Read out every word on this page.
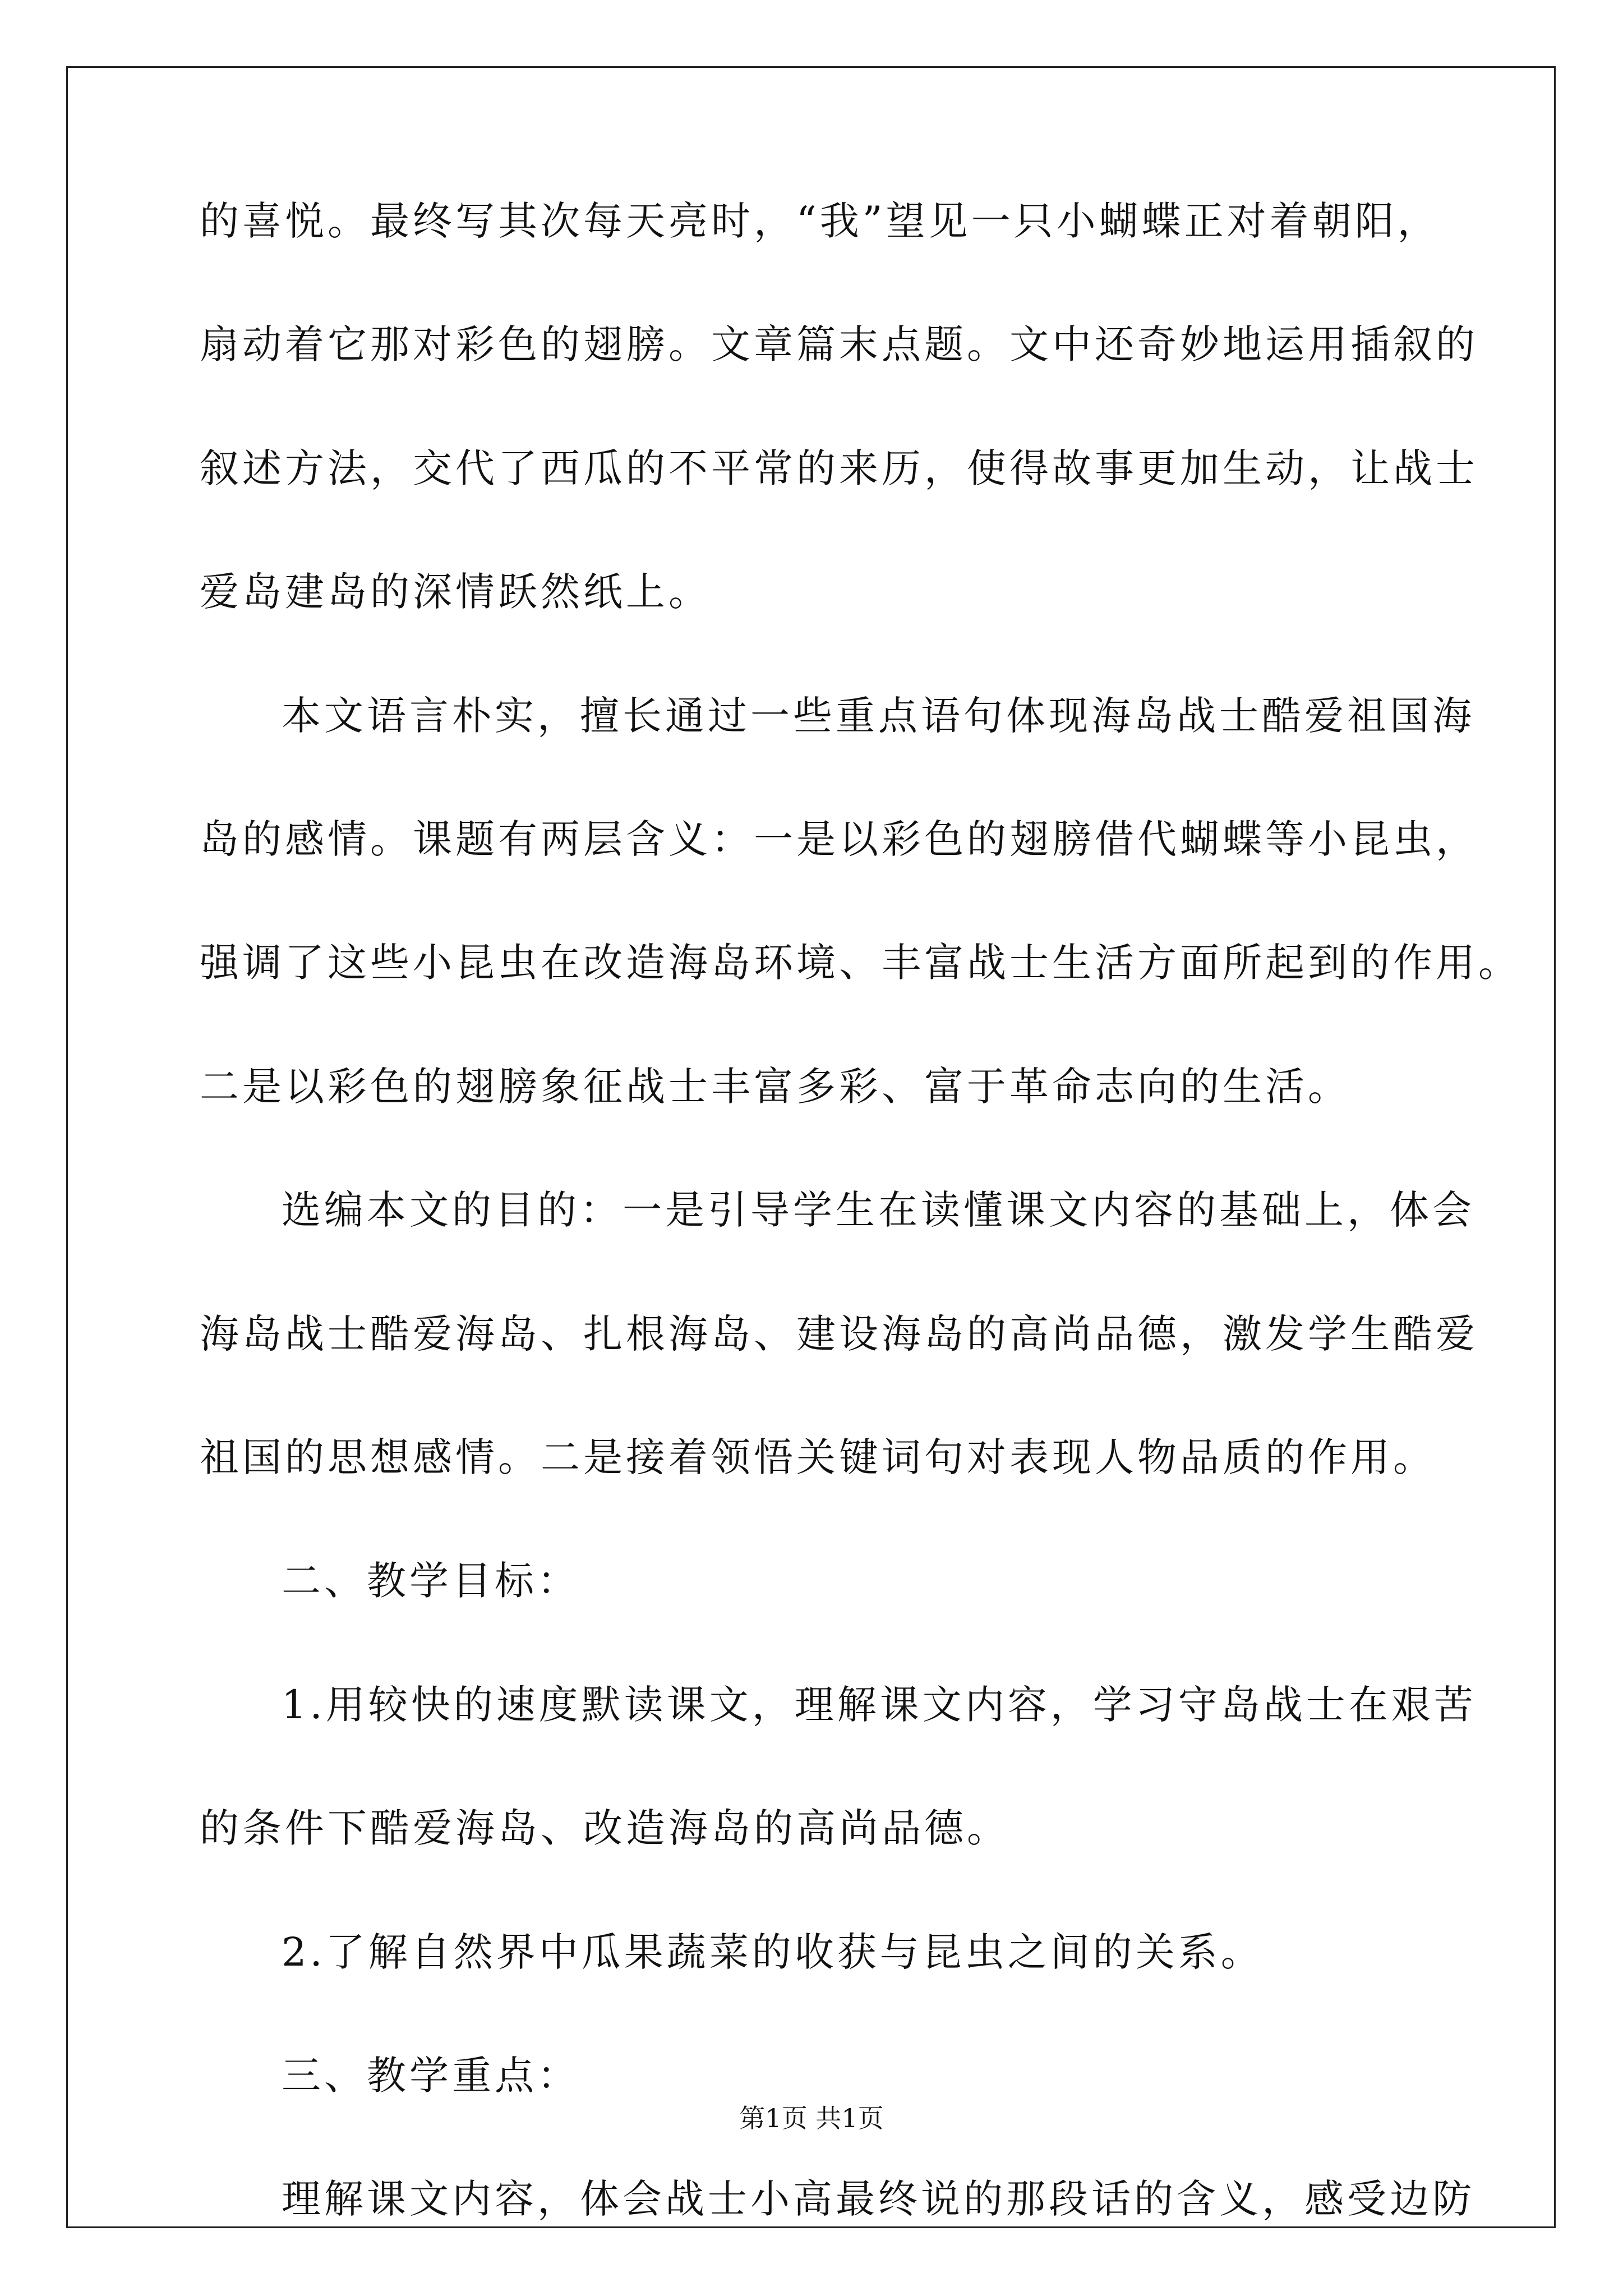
的喜悦。最终写其次每天亮时，“我”望见一只小蝴蝶正对着朝阳，
扇动着它那对彩色的翅膀。文章篇末点题。文中还奇妙地运用插叙的
叙述方法，交代了西瓜的不平常的来历，使得故事更加生动，让战士
爱岛建岛的深情跃然纸上。
本文语言朴实，擅长通过一些重点语句体现海岛战士酷爱祖国海
岛的感情。课题有两层含义：一是以彩色的翅膀借代蝴蝶等小昆虫，
强调了这些小昆虫在改造海岛环境、丰富战士生活方面所起到的作用。
二是以彩色的翅膀象征战士丰富多彩、富于革命志向的生活。
选编本文的目的：一是引导学生在读懂课文内容的基础上，体会
海岛战士酷爱海岛、扎根海岛、建设海岛的高尚品德，激发学生酷爱
祖国的思想感情。二是接着领悟关键词句对表现人物品质的作用。
二、教学目标：
1.用较快的速度默读课文，理解课文内容，学习守岛战士在艰苦
的条件下酷爱海岛、改造海岛的高尚品德。
2.了解自然界中瓜果蔬菜的收获与昆虫之间的关系。
三、教学重点：
理解课文内容，体会战士小高最终说的那段话的含义，感受边防
第1页 共1页
